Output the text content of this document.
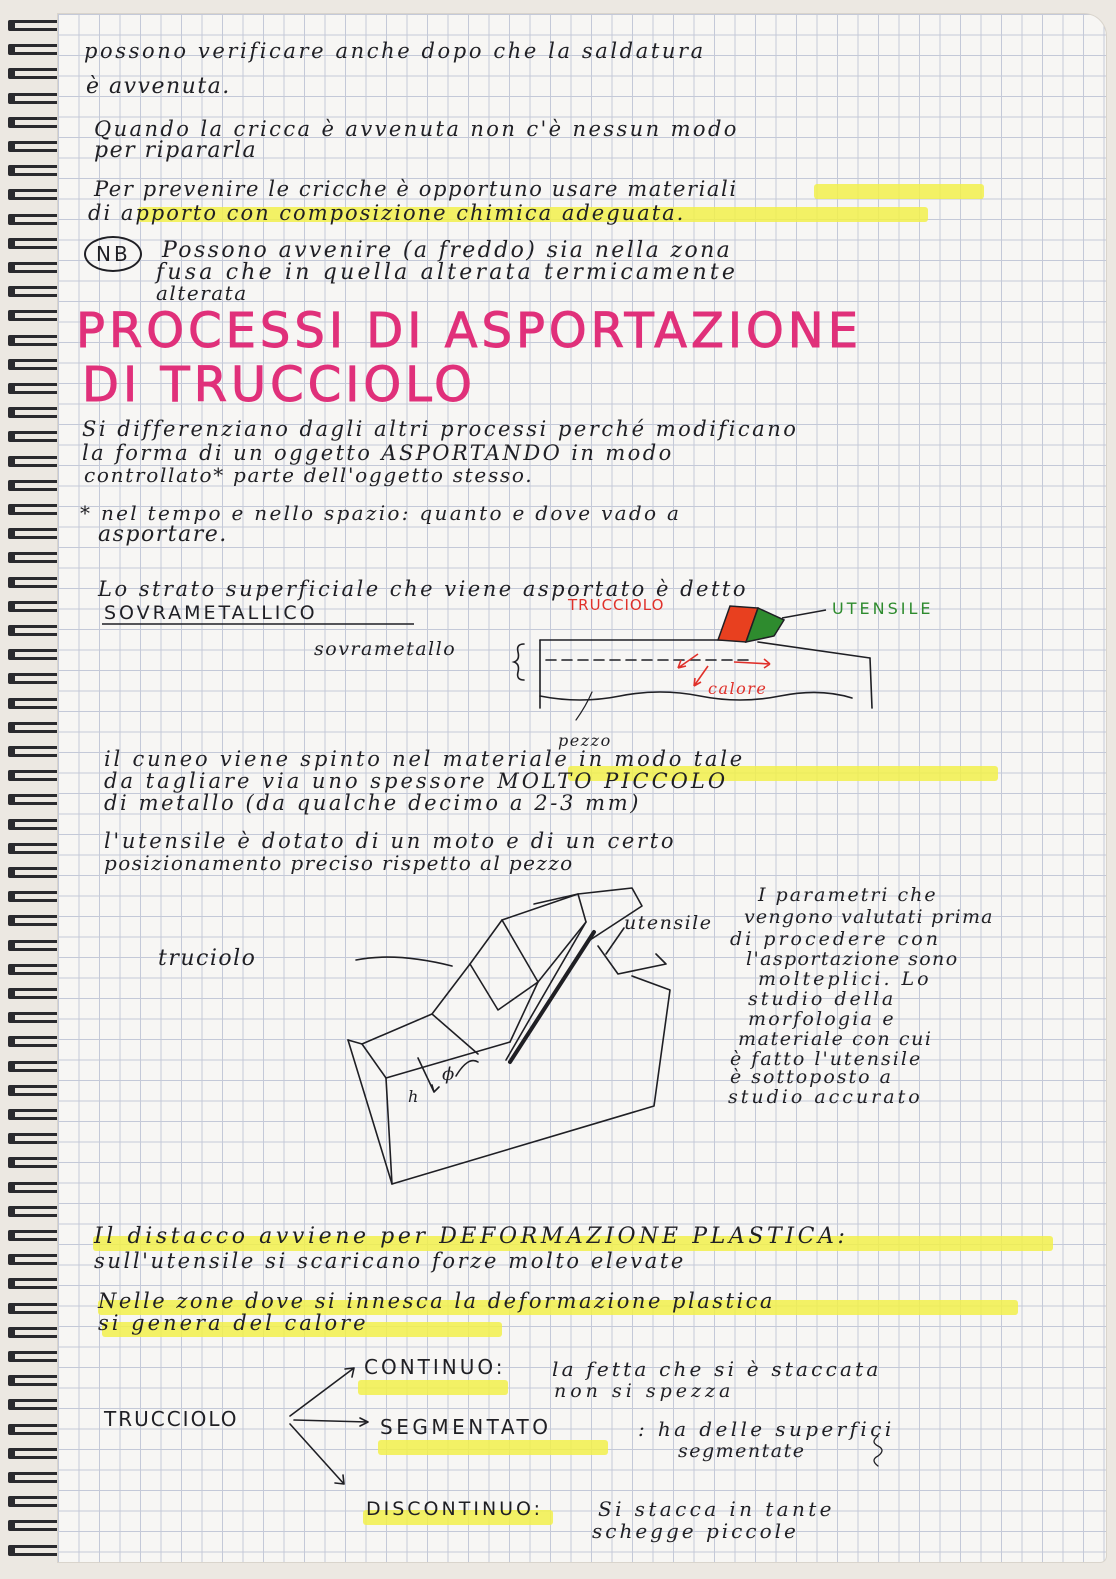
possono verificare anche dopo che la saldatura
è avvenuta.
Quando la cricca è avvenuta non c'è nessun modo
per ripararla
Per prevenire le cricche è opportuno usare materiali
di apporto con composizione chimica adeguata.
NB Possono avvenire (a freddo) sia nella zona
fusa che in quella alterata termicamente
alterata
PROCESSI DI ASPORTAZIONE
DI TRUCCIOLO
Si differenziano dagli altri processi perché modificano
la forma di un oggetto ASPORTANDO in modo
controllato* parte dell'oggetto stesso.
* nel tempo e nello spazio: quanto e dove vado a
asportare.
Lo strato superficiale che viene asportato è detto
SOVRAMETALLICO
sovrametallo
TRUCCIOLO	UTENSILE
calore
pezzo
il cuneo viene spinto nel materiale in modo tale
da tagliare via uno spessore MOLTO PICCOLO
di metallo (da qualche decimo a 2-3 mm)
l'utensile è dotato di un moto e di un certo
posizionamento preciso rispetto al pezzo
truciolo
utensile
h
ϕ
I parametri che
vengono valutati prima
di procedere con
l'asportazione sono
molteplici. Lo
studio della
morfologia e
materiale con cui
è fatto l'utensile
è sottoposto a
studio accurato
Il distacco avviene per DEFORMAZIONE PLASTICA:
sull'utensile si scaricano forze molto elevate
Nelle zone dove si innesca la deformazione plastica
si genera del calore
TRUCCIOLO
CONTINUO: la fetta che si è staccata
non si spezza
SEGMENTATO	: ha delle superfici
segmentate
DISCONTINUO:	Si stacca in tante
schegge piccole
